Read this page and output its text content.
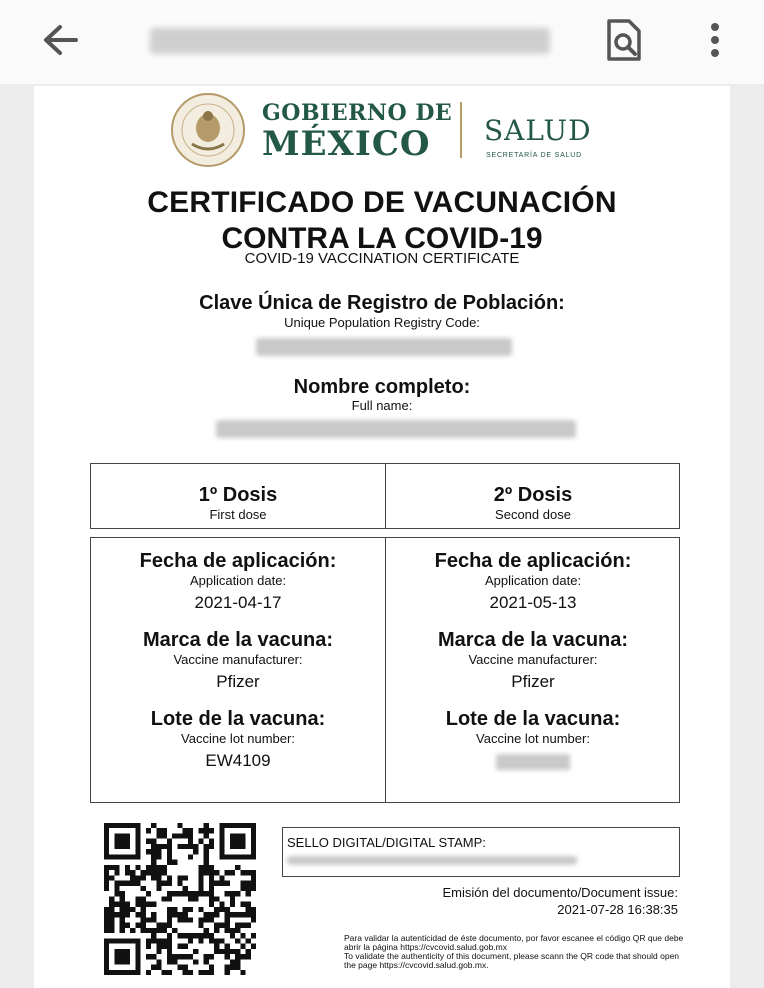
GOBIERNO DE
MÉXICO SALUD
SECRETARÍA DE SALUD
CERTIFICADO DE VACUNACIÓN
CONTRA LA COVID-19
COVID-19 VACCINATION CERTIFICATE
Clave Única de Registro de Población:
Unique Population Registry Code:
Nombre completo:
Full name:
1º Dosis
First dose
2º Dosis
Second dose
Fecha de aplicación:
Application date:
2021-04-17
Marca de la vacuna:
Vaccine manufacturer:
Pfizer
Lote de la vacuna:
Vaccine lot number:
EW4109
Fecha de aplicación:
Application date:
2021-05-13
Marca de la vacuna:
Vaccine manufacturer:
Pfizer
Lote de la vacuna:
Vaccine lot number:
SELLO DIGITAL/DIGITAL STAMP:
Emisión del documento/Document issue:
2021-07-28 16:38:35
Para validar la autenticidad de éste documento, por favor escanee el código QR que debe abrir la página https://cvcovid.salud.gob.mx
To validate the authenticity of this document, please scann the QR code that should open the page https://cvcovid.salud.gob.mx.
